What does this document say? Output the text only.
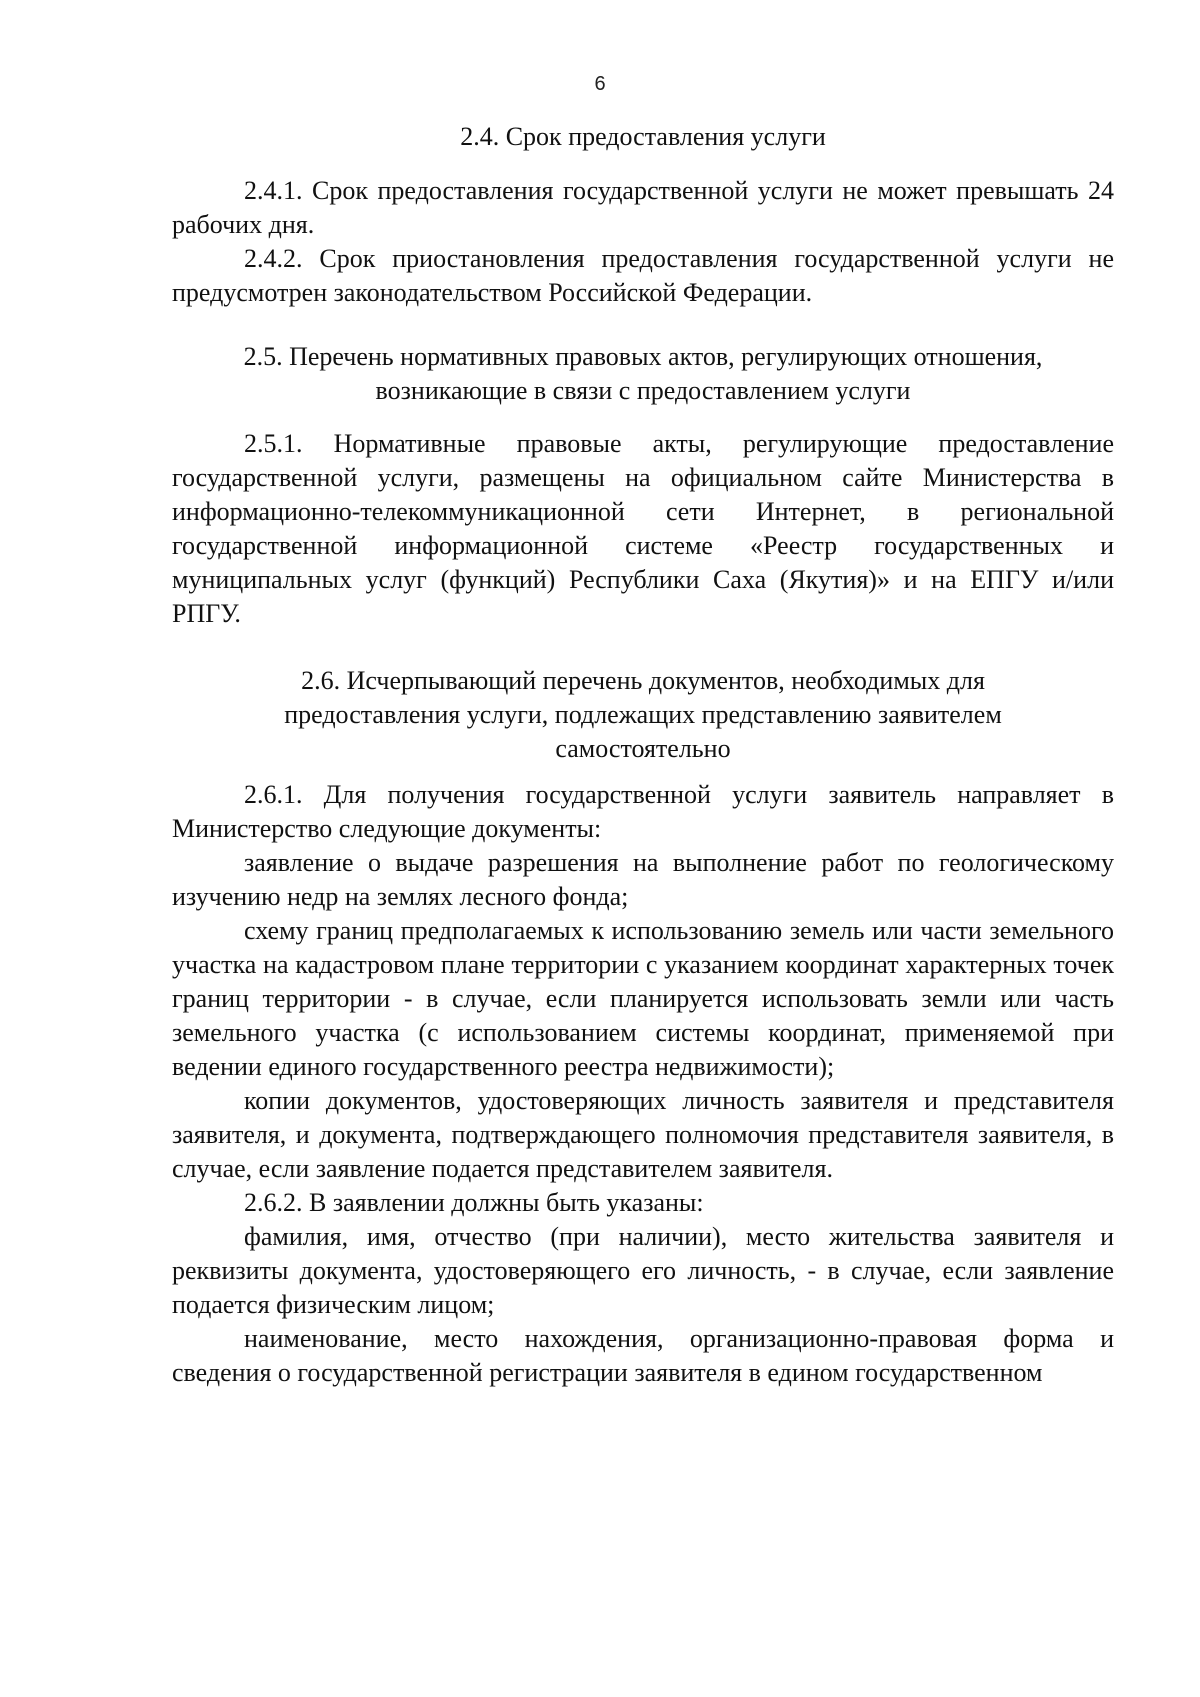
6

2.4. Срок предоставления услуги

2.4.1. Срок предоставления государственной услуги не может превышать 24 рабочих дня.

2.4.2. Срок приостановления предоставления государственной услуги не предусмотрен законодательством Российской Федерации.

2.5. Перечень нормативных правовых актов, регулирующих отношения,

возникающие в связи с предоставлением услуги

2.5.1. Нормативные правовые акты, регулирующие предоставление государственной услуги, размещены на официальном сайте Министерства в информационно-телекоммуникационной сети Интернет, в региональной государственной информационной системе «Реестр государственных и муниципальных услуг (функций) Республики Саха (Якутия)» и на ЕПГУ и/или РПГУ.

2.6. Исчерпывающий перечень документов, необходимых для

предоставления услуги, подлежащих представлению заявителем

самостоятельно

2.6.1. Для получения государственной услуги заявитель направляет в Министерство следующие документы:

заявление о выдаче разрешения на выполнение работ по геологическому изучению недр на землях лесного фонда;

схему границ предполагаемых к использованию земель или части земельного участка на кадастровом плане территории с указанием координат характерных точек границ территории - в случае, если планируется использовать земли или часть земельного участка (с использованием системы координат, применяемой при ведении единого государственного реестра недвижимости);

копии документов, удостоверяющих личность заявителя и представителя заявителя, и документа, подтверждающего полномочия представителя заявителя, в случае, если заявление подается представителем заявителя.

2.6.2. В заявлении должны быть указаны:

фамилия, имя, отчество (при наличии), место жительства заявителя и реквизиты документа, удостоверяющего его личность, - в случае, если заявление подается физическим лицом;

наименование, место нахождения, организационно-правовая форма и сведения о государственной регистрации заявителя в едином государственном
